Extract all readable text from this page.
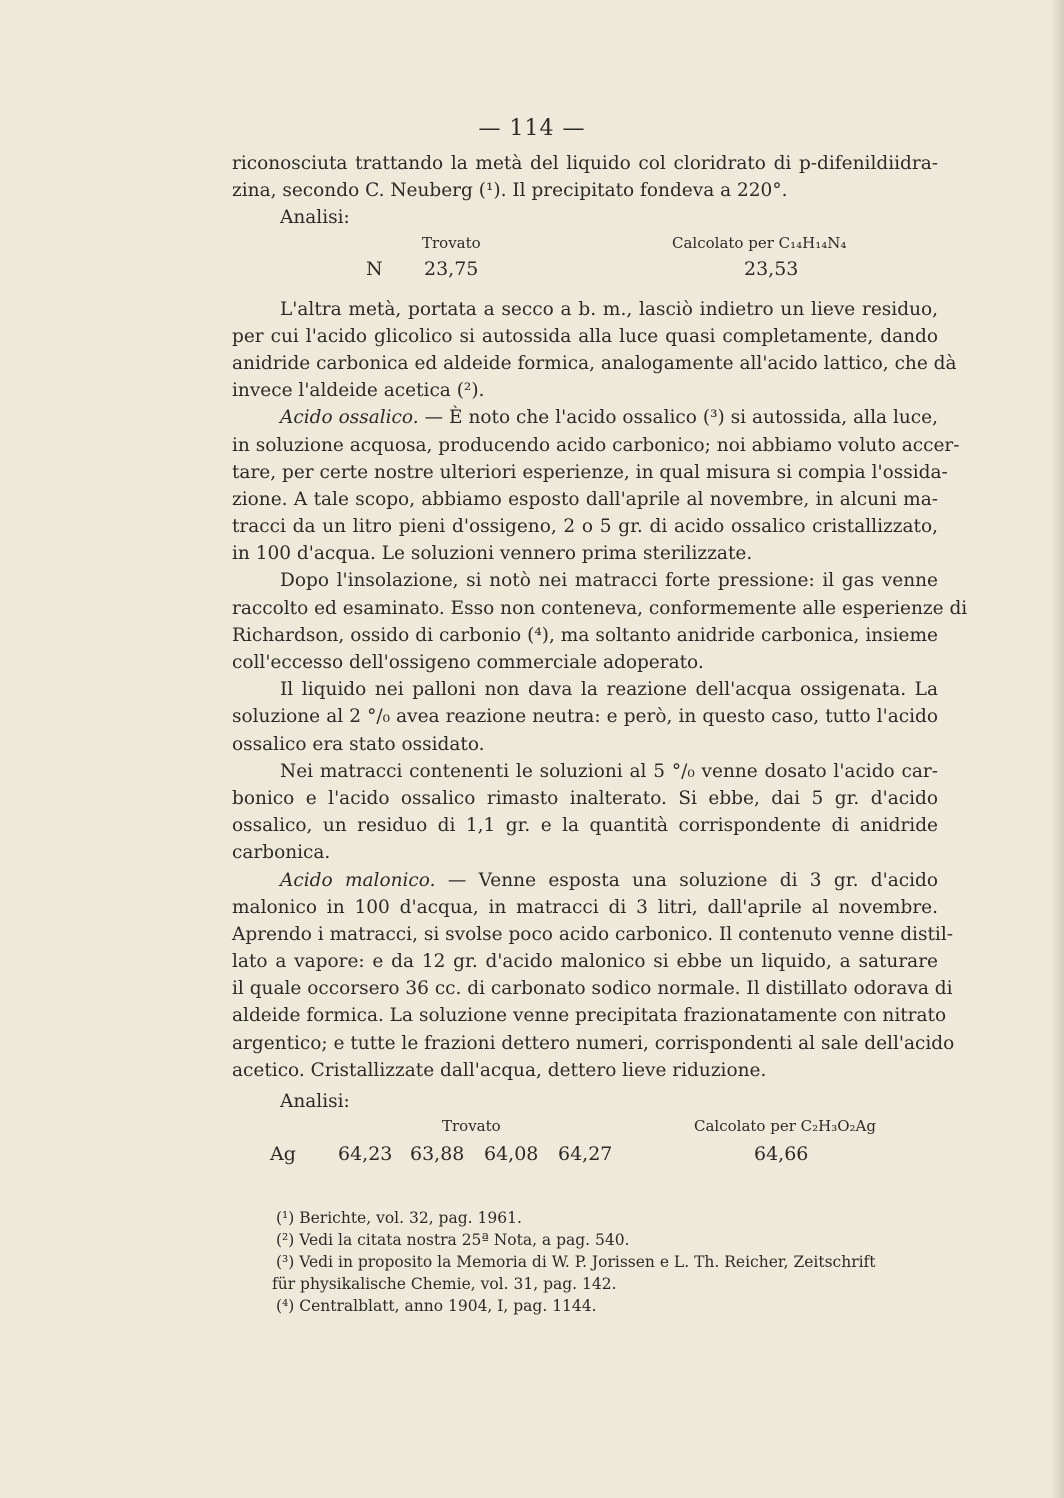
— 114 —
riconosciuta trattando la metà del liquido col cloridrato di p-difenildiidra-
zina, secondo C. Neuberg (¹). Il precipitato fondeva a 220°.
Analisi:
Trovato	Calcolato per C₁₄H₁₄N₄
N 23,75	23,53
L'altra metà, portata a secco a b. m., lasciò indietro un lieve residuo,
per cui l'acido glicolico si autossida alla luce quasi completamente, dando
anidride carbonica ed aldeide formica, analogamente all'acido lattico, che dà
invece l'aldeide acetica (²).
Acido ossalico. — È noto che l'acido ossalico (³) si autossida, alla luce,
in soluzione acquosa, producendo acido carbonico; noi abbiamo voluto accer-
tare, per certe nostre ulteriori esperienze, in qual misura si compia l'ossida-
zione. A tale scopo, abbiamo esposto dall'aprile al novembre, in alcuni ma-
tracci da un litro pieni d'ossigeno, 2 o 5 gr. di acido ossalico cristallizzato,
in 100 d'acqua. Le soluzioni vennero prima sterilizzate.
Dopo l'insolazione, si notò nei matracci forte pressione: il gas venne
raccolto ed esaminato. Esso non conteneva, conformemente alle esperienze di
Richardson, ossido di carbonio (⁴), ma soltanto anidride carbonica, insieme
coll'eccesso dell'ossigeno commerciale adoperato.
Il liquido nei palloni non dava la reazione dell'acqua ossigenata. La
soluzione al 2 °/₀ avea reazione neutra: e però, in questo caso, tutto l'acido
ossalico era stato ossidato.
Nei matracci contenenti le soluzioni al 5 °/₀ venne dosato l'acido car-
bonico e l'acido ossalico rimasto inalterato. Si ebbe, dai 5 gr. d'acido
ossalico, un residuo di 1,1 gr. e la quantità corrispondente di anidride
carbonica.
Acido malonico. — Venne esposta una soluzione di 3 gr. d'acido
malonico in 100 d'acqua, in matracci di 3 litri, dall'aprile al novembre.
Aprendo i matracci, si svolse poco acido carbonico. Il contenuto venne distil-
lato a vapore: e da 12 gr. d'acido malonico si ebbe un liquido, a saturare
il quale occorsero 36 cc. di carbonato sodico normale. Il distillato odorava di
aldeide formica. La soluzione venne precipitata frazionatamente con nitrato
argentico; e tutte le frazioni dettero numeri, corrispondenti al sale dell'acido
acetico. Cristallizzate dall'acqua, dettero lieve riduzione.
Analisi:
Trovato	Calcolato per C₂H₃O₂Ag
Ag 64,23 63,88 64,08 64,27	64,66
(¹) Berichte, vol. 32, pag. 1961.
(²) Vedi la citata nostra 25ª Nota, a pag. 540.
(³) Vedi in proposito la Memoria di W. P. Jorissen e L. Th. Reicher, Zeitschrift
für physikalische Chemie, vol. 31, pag. 142.
(⁴) Centralblatt, anno 1904, I, pag. 1144.
